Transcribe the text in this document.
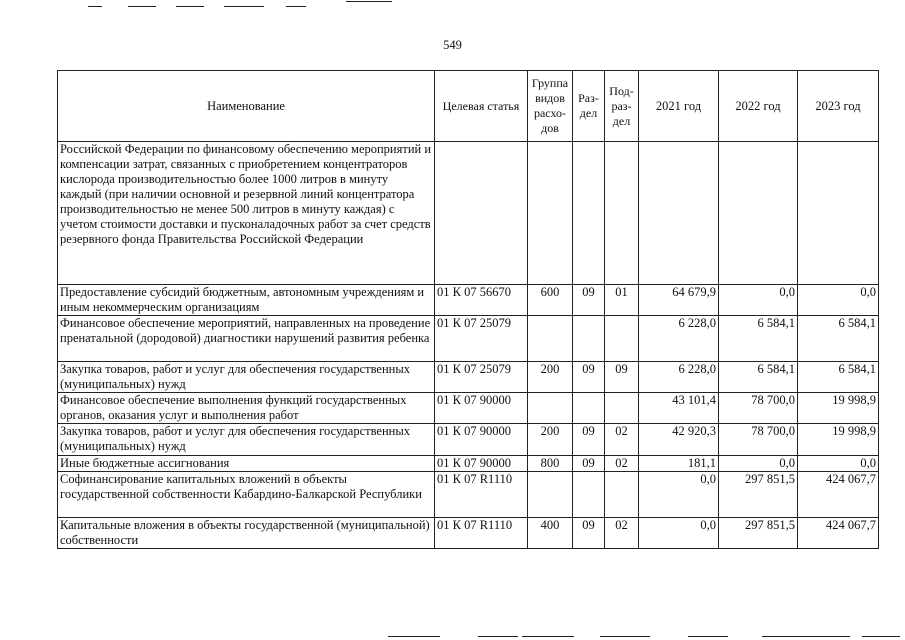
549
Наименование	Целевая статья	Группа видов расхо-дов	Раз-дел	Под-раз-дел	2021 год	2022 год	2023 год
Российской Федерации по финансовому обеспечению мероприятий и компенсации затрат, связанных с приобретением концентраторов кислорода производительностью более 1000 литров в минуту каждый (при наличии основной и резервной линий концентратора производительностью не менее 500 литров в минуту каждая) с учетом стоимости доставки и пусконаладочных работ за счет средств резервного фонда Правительства Российской Федерации							
Предоставление субсидий бюджетным, автономным учреждениям и иным некоммерческим организациям	01 К 07 56670	600	09	01	64 679,9	0,0	0,0
Финансовое обеспечение мероприятий, направленных на проведение пренатальной (дородовой) диагностики нарушений развития ребенка	01 К 07 25079				6 228,0	6 584,1	6 584,1
Закупка товаров, работ и услуг для обеспечения государственных (муниципальных) нужд	01 К 07 25079	200	09	09	6 228,0	6 584,1	6 584,1
Финансовое обеспечение выполнения функций государственных органов, оказания услуг и выполнения работ	01 К 07 90000				43 101,4	78 700,0	19 998,9
Закупка товаров, работ и услуг для обеспечения государственных (муниципальных) нужд	01 К 07 90000	200	09	02	42 920,3	78 700,0	19 998,9
Иные бюджетные ассигнования	01 К 07 90000	800	09	02	181,1	0,0	0,0
Софинансирование капитальных вложений в объекты государственной собственности Кабардино-Балкарской Республики	01 К 07 R1110				0,0	297 851,5	424 067,7
Капитальные вложения в объекты государственной (муниципальной) собственности	01 К 07 R1110	400	09	02	0,0	297 851,5	424 067,7
